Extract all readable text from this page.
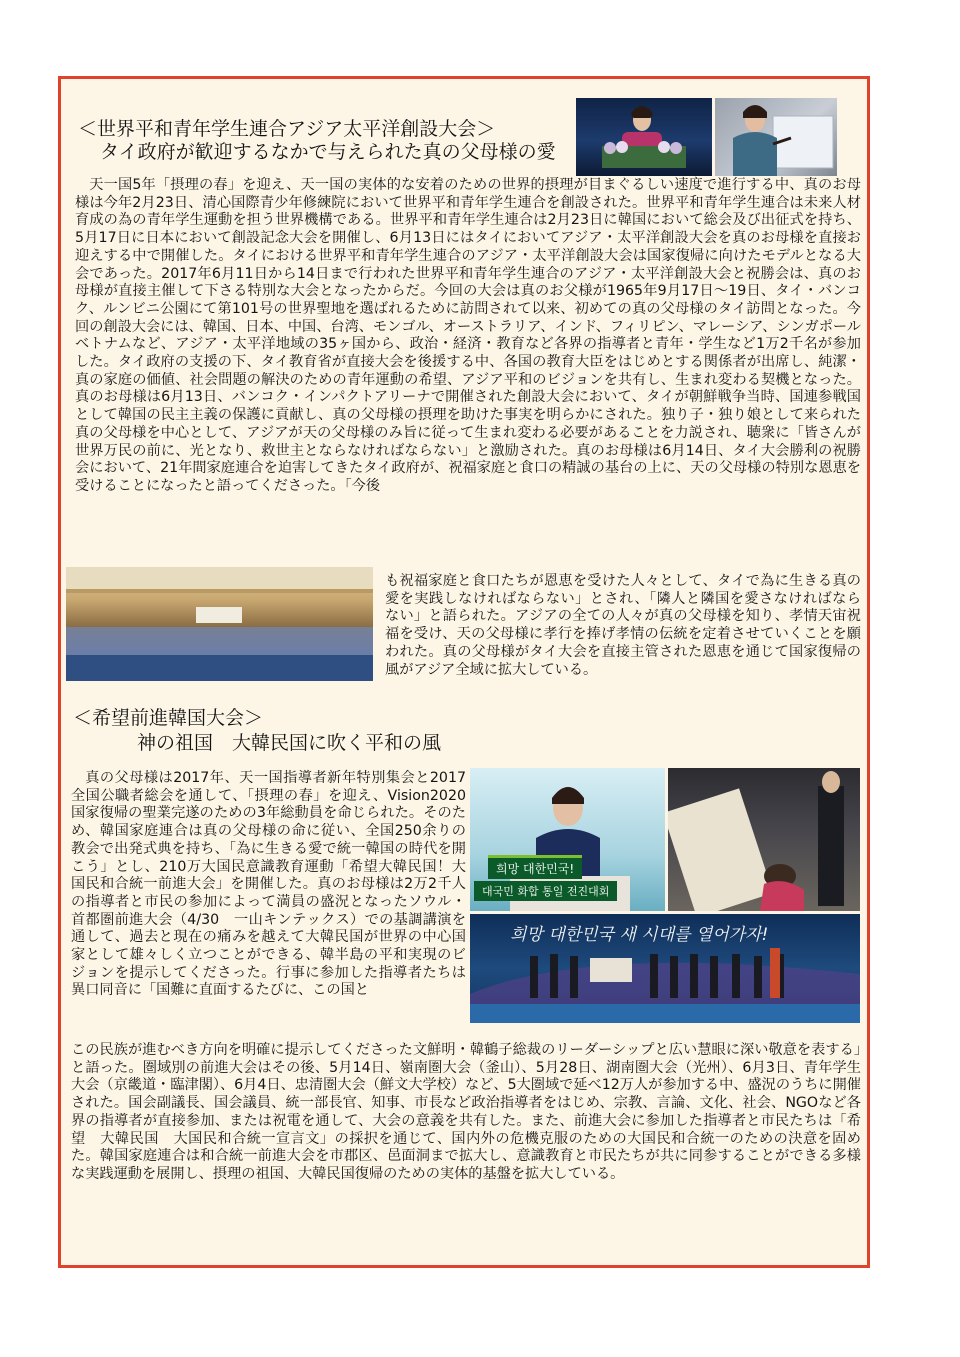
＜世界平和青年学生連合アジア太平洋創設大会＞
タイ政府が歓迎するなかで与えられた真の父母様の愛

天一国5年「摂理の春」を迎え、天一国の実体的な安着のための世界的摂理が目まぐるしい速度で進行する中、真のお母様は今年2月23日、清心国際青少年修練院において世界平和青年学生連合を創設された。世界平和青年学生連合は未来人材育成の為の青年学生運動を担う世界機構である。世界平和青年学生連合は2月23日に韓国において総会及び出征式を持ち、5月17日に日本において創設記念大会を開催し、6月13日にはタイにおいてアジア・太平洋創設大会を真のお母様を直接お迎えする中で開催した。タイにおける世界平和青年学生連合のアジア・太平洋創設大会は国家復帰に向けたモデルとなる大会であった。2017年6月11日から14日まで行われた世界平和青年学生連合のアジア・太平洋創設大会と祝勝会は、真のお母様が直接主催して下さる特別な大会となったからだ。今回の大会は真のお父様が1965年9月17日～19日、タイ・バンコク、ルンビニ公園にて第101号の世界聖地を選ばれるために訪問されて以来、初めての真の父母様のタイ訪問となった。今回の創設大会には、韓国、日本、中国、台湾、モンゴル、オーストラリア、インド、フィリピン、マレーシア、シンガポールベトナムなど、アジア・太平洋地域の35ヶ国から、政治・経済・教育など各界の指導者と青年・学生など1万2千名が参加した。タイ政府の支援の下、タイ教育省が直接大会を後援する中、各国の教育大臣をはじめとする関係者が出席し、純潔・真の家庭の価値、社会問題の解決のための青年運動の希望、アジア平和のビジョンを共有し、生まれ変わる契機となった。真のお母様は6月13日、バンコク・インパクトアリーナで開催された創設大会において、タイが朝鮮戦争当時、国連参戦国として韓国の民主主義の保護に貢献し、真の父母様の摂理を助けた事実を明らかにされた。独り子・独り娘として来られた真の父母様を中心として、アジアが天の父母様のみ旨に従って生まれ変わる必要があることを力説され、聴衆に「皆さんが世界万民の前に、光となり、救世主とならなければならない」と激励された。真のお母様は6月14日、タイ大会勝利の祝勝会において、21年間家庭連合を迫害してきたタイ政府が、祝福家庭と食口の精誠の基台の上に、天の父母様の特別な恩恵を受けることになったと語ってくださった。「今後

も祝福家庭と食口たちが恩恵を受けた人々として、タイで為に生きる真の愛を実践しなければならない」とされ、「隣人と隣国を愛さなければならない」と語られた。アジアの全ての人々が真の父母様を知り、孝情天宙祝福を受け、天の父母様に孝行を捧げ孝情の伝統を定着させていくことを願われた。真の父母様がタイ大会を直接主管された恩恵を通じて国家復帰の風がアジア全域に拡大している。

＜希望前進韓国大会＞
神の祖国　大韓民国に吹く平和の風

真の父母様は2017年、天一国指導者新年特別集会と2017全国公職者総会を通して、「摂理の春」を迎え、Vision2020国家復帰の聖業完遂のための3年総動員を命じられた。そのため、韓国家庭連合は真の父母様の命に従い、全国250余りの教会で出発式典を持ち、「為に生きる愛で統一韓国の時代を開こう」とし、210万大国民意識教育運動「希望大韓民国！大国民和合統一前進大会」を開催した。真のお母様は2万2千人の指導者と市民の参加によって満員の盛況となったソウル・首都圏前進大会（4/30　一山キンテックス）での基調講演を通して、過去と現在の痛みを越えて大韓民国が世界の中心国家として雄々しく立つことができる、韓半島の平和実現のビジョンを提示してくださった。行事に参加した指導者たちは異口同音に「国難に直面するたびに、この国と

희망 대한민국!
대국민 화합 통일 전진대회
희망 대한민국 새 시대를 열어가자!

この民族が進むべき方向を明確に提示してくださった文鮮明・韓鶴子総裁のリーダーシップと広い慧眼に深い敬意を表する」と語った。圏域別の前進大会はその後、5月14日、嶺南圏大会（釜山）、5月28日、湖南圏大会（光州）、6月3日、青年学生大会（京畿道・臨津閣）、6月4日、忠清圏大会（鮮文大学校）など、5大圏域で延べ12万人が参加する中、盛況のうちに開催された。国会副議長、国会議員、統一部長官、知事、市長など政治指導者をはじめ、宗教、言論、文化、社会、NGOなど各界の指導者が直接参加、または祝電を通して、大会の意義を共有した。また、前進大会に参加した指導者と市民たちは「希望　大韓民国　大国民和合統一宣言文」の採択を通じて、国内外の危機克服のための大国民和合統一のための決意を固めた。韓国家庭連合は和合統一前進大会を市郡区、邑面洞まで拡大し、意識教育と市民たちが共に同参することができる多様な実践運動を展開し、摂理の祖国、大韓民国復帰のための実体的基盤を拡大している。
